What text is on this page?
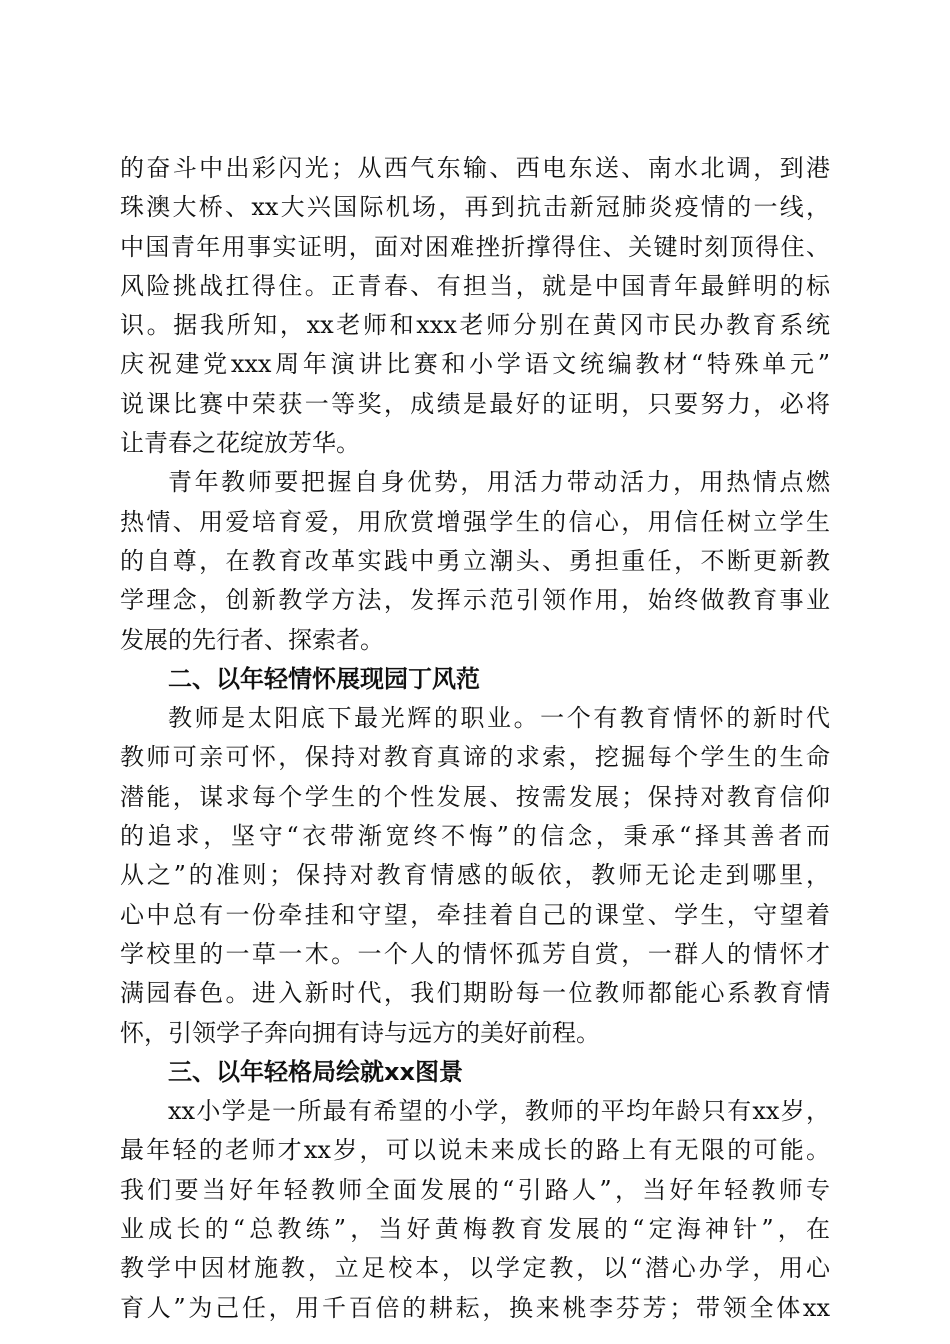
的奋斗中出彩闪光；从西气东输、西电东送、南水北调，到港
珠澳大桥、xx大兴国际机场，再到抗击新冠肺炎疫情的一线，
中国青年用事实证明，面对困难挫折撑得住、关键时刻顶得住、
风险挑战扛得住。正青春、有担当，就是中国青年最鲜明的标
识。据我所知，xx老师和xxx老师分别在黄冈市民办教育系统
庆祝建党xxx周年演讲比赛和小学语文统编教材“特殊单元”
说课比赛中荣获一等奖，成绩是最好的证明，只要努力，必将
让青春之花绽放芳华。
青年教师要把握自身优势，用活力带动活力，用热情点燃
热情、用爱培育爱，用欣赏增强学生的信心，用信任树立学生
的自尊，在教育改革实践中勇立潮头、勇担重任，不断更新教
学理念，创新教学方法，发挥示范引领作用，始终做教育事业
发展的先行者、探索者。
二、以年轻情怀展现园丁风范
教师是太阳底下最光辉的职业。一个有教育情怀的新时代
教师可亲可怀，保持对教育真谛的求索，挖掘每个学生的生命
潜能，谋求每个学生的个性发展、按需发展；保持对教育信仰
的追求，坚守“衣带渐宽终不悔”的信念，秉承“择其善者而
从之”的准则；保持对教育情感的皈依，教师无论走到哪里，
心中总有一份牵挂和守望，牵挂着自己的课堂、学生，守望着
学校里的一草一木。一个人的情怀孤芳自赏，一群人的情怀才
满园春色。进入新时代，我们期盼每一位教师都能心系教育情
怀，引领学子奔向拥有诗与远方的美好前程。
三、以年轻格局绘就xx图景
xx小学是一所最有希望的小学，教师的平均年龄只有xx岁，
最年轻的老师才xx岁，可以说未来成长的路上有无限的可能。
我们要当好年轻教师全面发展的“引路人”，当好年轻教师专
业成长的“总教练”，当好黄梅教育发展的“定海神针”，在
教学中因材施教，立足校本，以学定教，以“潜心办学，用心
育人”为己任，用千百倍的耕耘，换来桃李芬芳；带领全体xx
